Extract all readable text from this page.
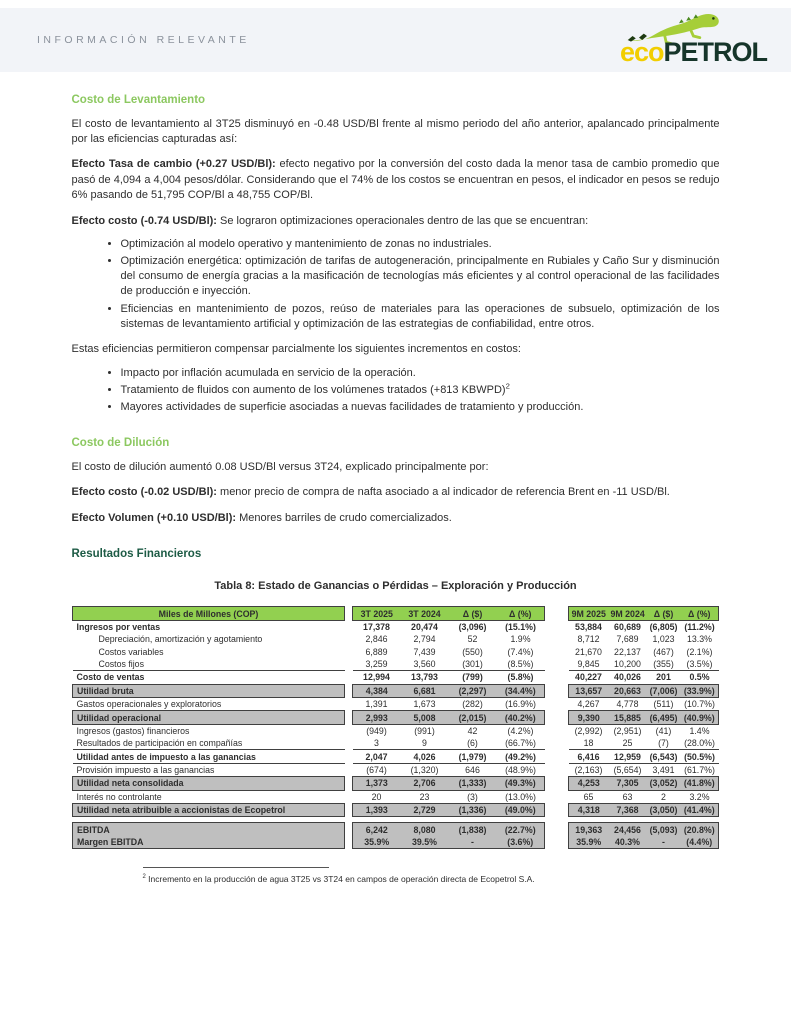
INFORMACIÓN RELEVANTE	ecoPETROL
Costo de Levantamiento

El costo de levantamiento al 3T25 disminuyó en -0.48 USD/Bl frente al mismo periodo del año anterior, apalancado principalmente por las eficiencias capturadas así:

Efecto Tasa de cambio (+0.27 USD/Bl): efecto negativo por la conversión del costo dada la menor tasa de cambio promedio que pasó de 4,094 a 4,004 pesos/dólar. Considerando que el 74% de los costos se encuentran en pesos, el indicador en pesos se redujo 6% pasando de 51,795 COP/Bl a 48,755 COP/Bl.

Efecto costo (-0.74 USD/Bl): Se lograron optimizaciones operacionales dentro de las que se encuentran:

• Optimización al modelo operativo y mantenimiento de zonas no industriales.
• Optimización energética: optimización de tarifas de autogeneración, principalmente en Rubiales y Caño Sur y disminución del consumo de energía gracias a la masificación de tecnologías más eficientes y al control operacional de las facilidades de producción e inyección.
• Eficiencias en mantenimiento de pozos, reúso de materiales para las operaciones de subsuelo, optimización de los sistemas de levantamiento artificial y optimización de las estrategias de confiabilidad, entre otros.

Estas eficiencias permitieron compensar parcialmente los siguientes incrementos en costos:

• Impacto por inflación acumulada en servicio de la operación.
• Tratamiento de fluidos con aumento de los volúmenes tratados (+813 KBWPD)$^2$
• Mayores actividades de superficie asociadas a nuevas facilidades de tratamiento y producción.
Costo de Dilución

El costo de dilución aumentó 0.08 USD/Bl versus 3T24, explicado principalmente por:

Efecto costo (-0.02 USD/Bl): menor precio de compra de nafta asociado a al indicador de referencia Brent en -11 USD/Bl.

Efecto Volumen (+0.10 USD/Bl): Menores barriles de crudo comercializados.

Resultados Financieros
Tabla 8: Estado de Ganancias o Pérdidas – Exploración y Producción
Miles de Millones (COP)		3T 2025	3T 2024	Δ ($)	Δ (%)		9M 2025	9M 2024	Δ ($)	Δ (%)
Ingresos por ventas		17,378	20,474	(3,096)	(15.1%)		53,884	60,689	(6,805)	(11.2%)
Depreciación, amortización y agotamiento		2,846	2,794	52	1.9%		8,712	7,689	1,023	13.3%
Costos variables		6,889	7,439	(550)	(7.4%)		21,670	22,137	(467)	(2.1%)
Costos fijos		3,259	3,560	(301)	(8.5%)		9,845	10,200	(355)	(3.5%)
Costo de ventas		12,994	13,793	(799)	(5.8%)		40,227	40,026	201	0.5%
Utilidad bruta		4,384	6,681	(2,297)	(34.4%)		13,657	20,663	(7,006)	(33.9%)
Gastos operacionales y exploratorios		1,391	1,673	(282)	(16.9%)		4,267	4,778	(511)	(10.7%)
Utilidad operacional		2,993	5,008	(2,015)	(40.2%)		9,390	15,885	(6,495)	(40.9%)
Ingresos (gastos) financieros		(949)	(991)	42	(4.2%)		(2,992)	(2,951)	(41)	1.4%
Resultados de participación en compañías		3	9	(6)	(66.7%)		18	25	(7)	(28.0%)
Utilidad antes de impuesto a las ganancias		2,047	4,026	(1,979)	(49.2%)		6,416	12,959	(6,543)	(50.5%)
Provisión impuesto a las ganancias		(674)	(1,320)	646	(48.9%)		(2,163)	(5,654)	3,491	(61.7%)
Utilidad neta consolidada		1,373	2,706	(1,333)	(49.3%)		4,253	7,305	(3,052)	(41.8%)
Interés no controlante		20	23	(3)	(13.0%)		65	63	2	3.2%
Utilidad neta atribuible a accionistas de Ecopetrol		1,393	2,729	(1,336)	(49.0%)		4,318	7,368	(3,050)	(41.4%)

EBITDA		6,242	8,080	(1,838)	(22.7%)		19,363	24,456	(5,093)	(20.8%)
Margen EBITDA		35.9%	39.5%	-	(3.6%)		35.9%	40.3%	-	(4.4%)
$^2$ Incremento en la producción de agua 3T25 vs 3T24 en campos de operación directa de Ecopetrol S.A.
